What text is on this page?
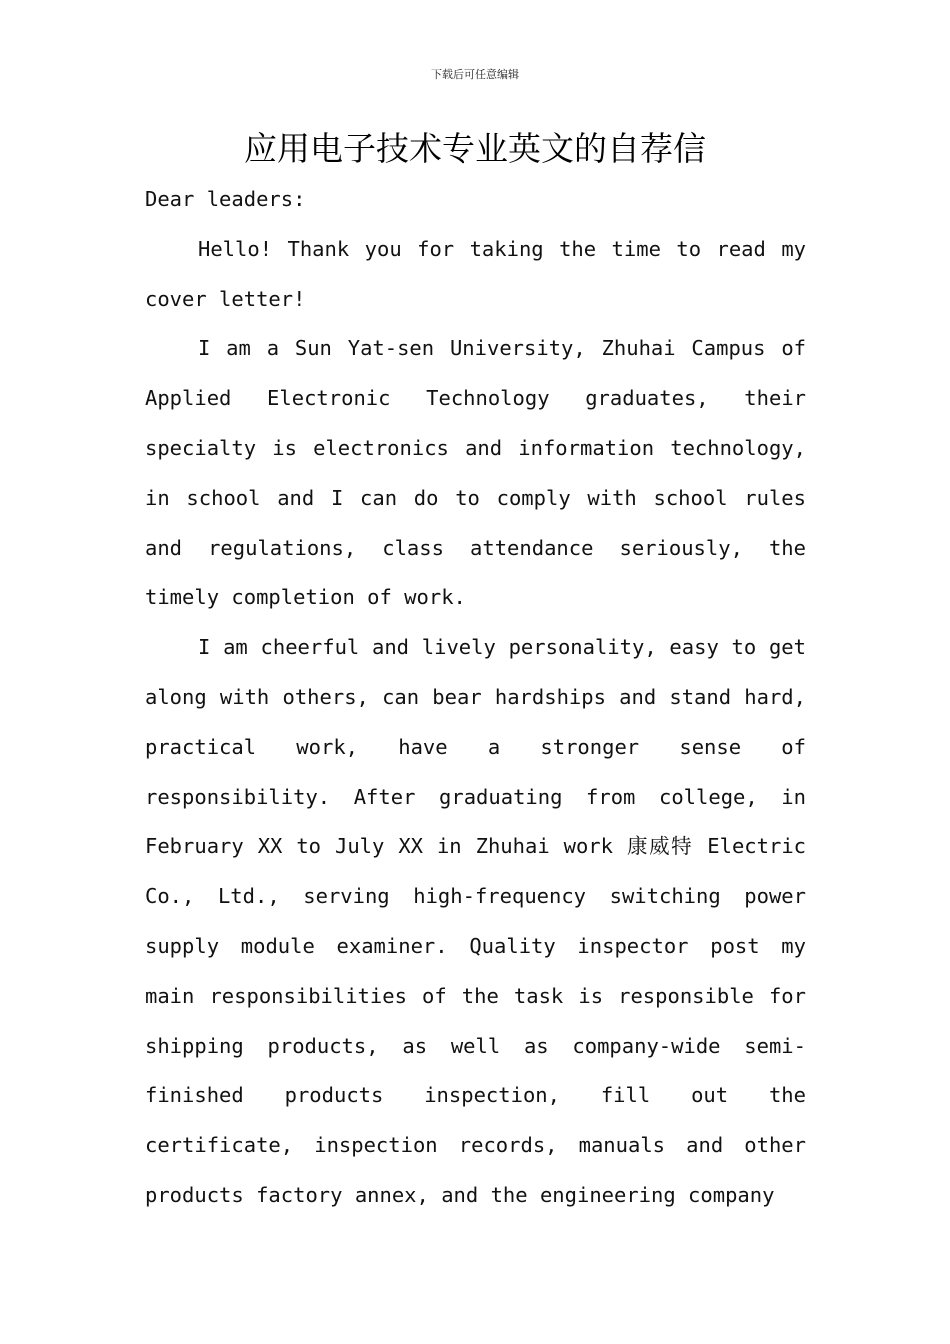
下载后可任意编辑
应用电子技术专业英文的自荐信

Dear leaders:

Hello! Thank you for taking the time to read my cover letter!

I am a Sun Yat-sen University, Zhuhai Campus of Applied Electronic Technology graduates, their specialty is electronics and information technology, in school and I can do to comply with school rules and regulations, class attendance seriously, the timely completion of work.

I am cheerful and lively personality, easy to get along with others, can bear hardships and stand hard, practical work, have a stronger sense of responsibility. After graduating from college, in February XX to July XX in Zhuhai work 康威特 Electric Co., Ltd., serving high-frequency switching power supply module examiner. Quality inspector post my main responsibilities of the task is responsible for shipping products, as well as company-wide semi-finished products inspection, fill out the certificate, inspection records, manuals and other products factory annex, and the engineering company
